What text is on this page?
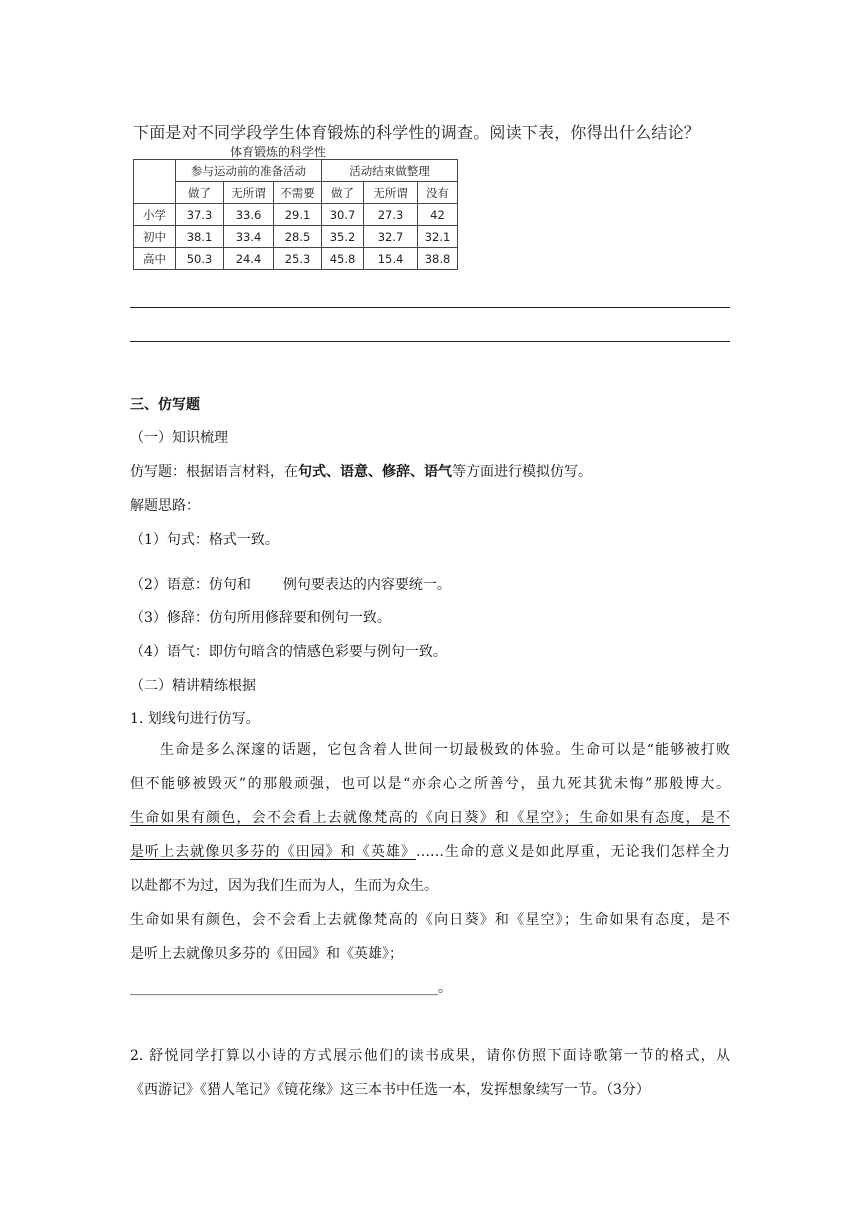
下面是对不同学段学生体育锻炼的科学性的调查。阅读下表，你得出什么结论？
体育锻炼的科学性
	参与运动前的准备活动			活动结束做整理		
	做了	无所谓	不需要	做了	无所谓	没有
小学	37.3	33.6	29.1	30.7	27.3	42
初中	38.1	33.4	28.5	35.2	32.7	32.1
高中	50.3	24.4	25.3	45.8	15.4	38.8
三、仿写题
（一）知识梳理
仿写题：根据语言材料，在句式、语意、修辞、语气等方面进行模拟仿写。
解题思路：
（1）句式：格式一致。
（2）语意：仿句和 例句要表达的内容要统一。
（3）修辞：仿句所用修辞要和例句一致。
（4）语气：即仿句暗含的情感色彩要与例句一致。
（二）精讲精练根据
1. 划线句进行仿写。
生命是多么深邃的话题，它包含着人世间一切最极致的体验。生命可以是“能够被打败
但不能够被毁灭”的那般顽强，也可以是“亦余心之所善兮，虽九死其犹未悔”那般博大。
生命如果有颜色，会不会看上去就像梵高的《向日葵》和《星空》；生命如果有态度，是不
是听上去就像贝多芬的《田园》和《英雄》……生命的意义是如此厚重，无论我们怎样全力
以赴都不为过，因为我们生而为人，生而为众生。
生命如果有颜色，会不会看上去就像梵高的《向日葵》和《星空》；生命如果有态度，是不
是听上去就像贝多芬的《田园》和《英雄》；
____________________________________________。
2. 舒悦同学打算以小诗的方式展示他们的读书成果，请你仿照下面诗歌第一节的格式，从
《西游记》《猎人笔记》《镜花缘》这三本书中任选一本，发挥想象续写一节。（3分）
